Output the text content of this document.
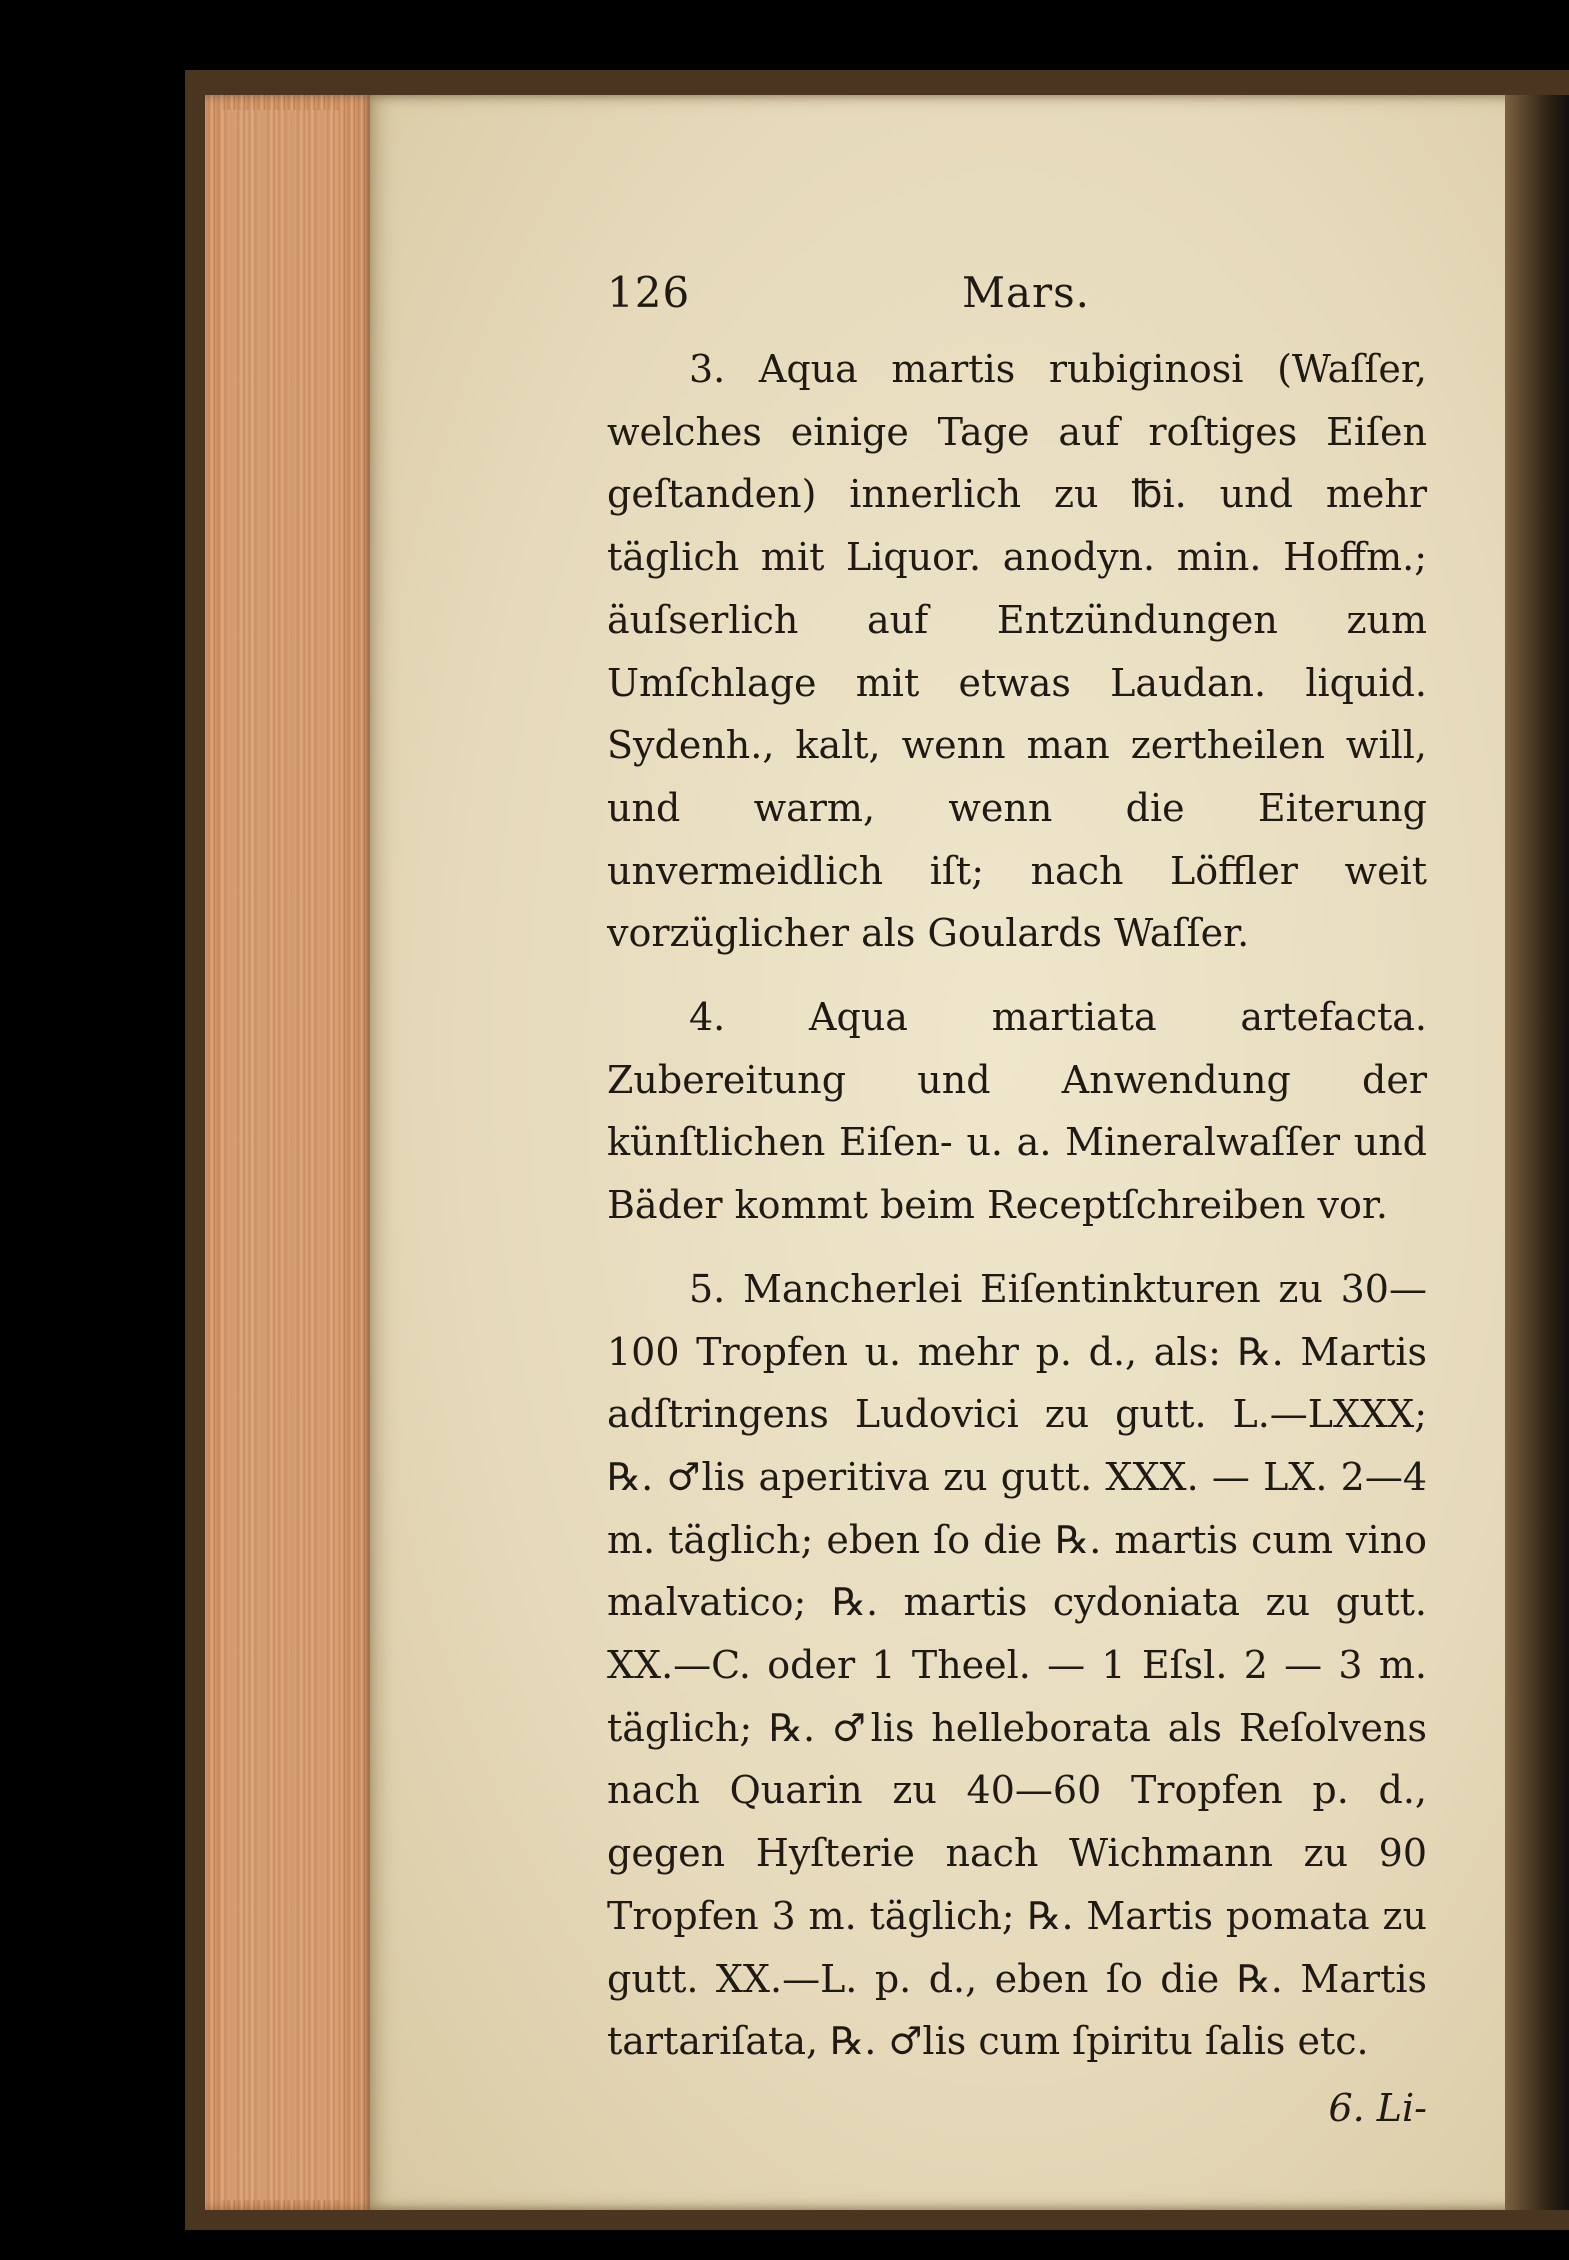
126	Mars.

3. Aqua martis rubiginosi (Waſſer, welches einige Tage auf roſtiges Eiſen geſtanden) innerlich zu ℔i. und mehr täglich mit Liquor. anodyn. min. Hoffm.; äuſserlich auf Entzündungen zum Umſchlage mit etwas Laudan. liquid. Sydenh., kalt, wenn man zertheilen will, und warm, wenn die Eiterung unvermeidlich iſt; nach Löffler weit vorzüglicher als Goulards Waſſer.

4. Aqua martiata artefacta. Zubereitung und Anwendung der künſtlichen Eiſen- u. a. Mineralwaſſer und Bäder kommt beim Receptſchreiben vor.

5. Mancherlei Eiſentinkturen zu 30—100 Tropfen u. mehr p. d., als: ℞. Martis adſtringens Ludovici zu gutt. L.—LXXX; ℞. ♂lis aperitiva zu gutt. XXX. — LX. 2—4 m. täglich; eben ſo die ℞. martis cum vino malvatico; ℞. martis cydoniata zu gutt. XX.—C. oder 1 Theel. — 1 Eſsl. 2 — 3 m. täglich; ℞. ♂lis helleborata als Reſolvens nach Quarin zu 40—60 Tropfen p. d., gegen Hyſterie nach Wichmann zu 90 Tropfen 3 m. täglich; ℞. Martis pomata zu gutt. XX.—L. p. d., eben ſo die ℞. Martis tartariſata, ℞. ♂lis cum ſpiritu ſalis etc.

6. Li-
